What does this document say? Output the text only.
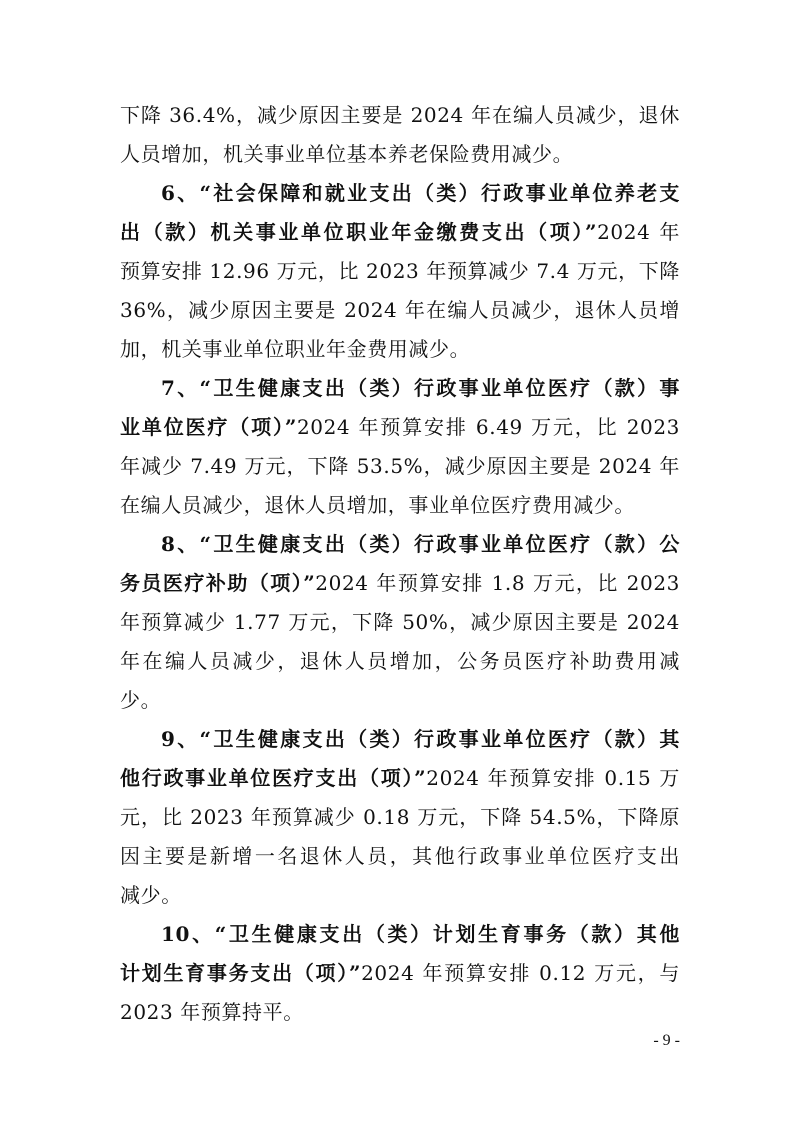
下降 36.4%，减少原因主要是 2024 年在编人员减少，退休
人员增加，机关事业单位基本养老保险费用减少。
6、“社会保障和就业支出（类）行政事业单位养老支
出（款）机关事业单位职业年金缴费支出（项）”2024 年
预算安排 12.96 万元，比 2023 年预算减少 7.4 万元，下降
36%，减少原因主要是 2024 年在编人员减少，退休人员增
加，机关事业单位职业年金费用减少。
7、“卫生健康支出（类）行政事业单位医疗（款）事
业单位医疗（项）”2024 年预算安排 6.49 万元，比 2023
年减少 7.49 万元，下降 53.5%，减少原因主要是 2024 年
在编人员减少，退休人员增加，事业单位医疗费用减少。
8、“卫生健康支出（类）行政事业单位医疗（款）公
务员医疗补助（项）”2024 年预算安排 1.8 万元，比 2023
年预算减少 1.77 万元，下降 50%，减少原因主要是 2024
年在编人员减少，退休人员增加，公务员医疗补助费用减
少。
9、“卫生健康支出（类）行政事业单位医疗（款）其
他行政事业单位医疗支出（项）”2024 年预算安排 0.15 万
元，比 2023 年预算减少 0.18 万元，下降 54.5%，下降原
因主要是新增一名退休人员，其他行政事业单位医疗支出
减少。
10、“卫生健康支出（类）计划生育事务（款）其他
计划生育事务支出（项）”2024 年预算安排 0.12 万元，与
2023 年预算持平。
- 9 -
